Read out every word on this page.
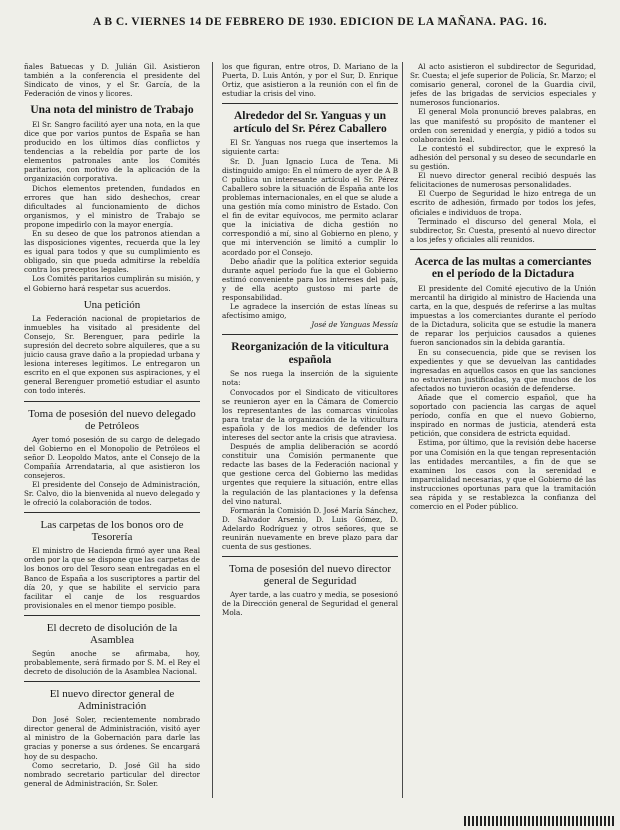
A B C. VIERNES 14 DE FEBRERO DE 1930. EDICION DE LA MAÑANA. PAG. 16.

ñales Batuecas y D. Julián Gil. Asistieron también a la conferencia el presidente del Sindicato de vinos, y el Sr. García, de la Federación de vinos y licores.

Una nota del ministro de Trabajo

El Sr. Sangro facilitó ayer una nota, en la que dice que por varios puntos de España se han producido en los últimos días conflictos y tendencias a la rebeldía por parte de los elementos patronales ante los Comités paritarios, con motivo de la aplicación de la organización corporativa.

Dichos elementos pretenden, fundados en errores que han sido deshechos, crear dificultades al funcionamiento de dichos organismos, y el ministro de Trabajo se propone impedirlo con la mayor energía.

En su deseo de que los patronos atiendan a las disposiciones vigentes, recuerda que la ley es igual para todos y que su cumplimiento es obligado, sin que pueda admitirse la rebeldía contra los preceptos legales.

Los Comités paritarios cumplirán su misión, y el Gobierno hará respetar sus acuerdos.

Una petición

La Federación nacional de propietarios de inmuebles ha visitado al presidente del Consejo, Sr. Berenguer, para pedirle la supresión del decreto sobre alquileres, que a su juicio causa grave daño a la propiedad urbana y lesiona intereses legítimos. Le entregaron un escrito en el que exponen sus aspiraciones, y el general Berenguer prometió estudiar el asunto con todo interés.

Toma de posesión del nuevo delegado de Petróleos

Ayer tomó posesión de su cargo de delegado del Gobierno en el Monopolio de Petróleos el señor D. Leopoldo Matos, ante el Consejo de la Compañía Arrendataria, al que asistieron los consejeros.

El presidente del Consejo de Administración, Sr. Calvo, dio la bienvenida al nuevo delegado y le ofreció la colaboración de todos.

Las carpetas de los bonos oro de Tesorería

El ministro de Hacienda firmó ayer una Real orden por la que se dispone que las carpetas de los bonos oro del Tesoro sean entregadas en el Banco de España a los suscriptores a partir del día 20, y que se habilite el servicio para facilitar el canje de los resguardos provisionales en el menor tiempo posible.

El decreto de disolución de la Asamblea

Según anoche se afirmaba, hoy, probablemente, será firmado por S. M. el Rey el decreto de disolución de la Asamblea Nacional.

El nuevo director general de Administración

Don José Soler, recientemente nombrado director general de Administración, visitó ayer al ministro de la Gobernación para darle las gracias y ponerse a sus órdenes. Se encargará hoy de su despacho.

Como secretario, D. José Gil ha sido nombrado secretario particular del director general de Administración, Sr. Soler.

los que figuran, entre otros, D. Mariano de la Puerta, D. Luis Antón, y por el Sur, D. Enrique Ortiz, que asistieron a la reunión con el fin de estudiar la crisis del vino.

Alrededor del Sr. Yanguas y un artículo del Sr. Pérez Caballero

El Sr. Yanguas nos ruega que insertemos la siguiente carta:

Sr. D. Juan Ignacio Luca de Tena. Mi distinguido amigo: En el número de ayer de A B C publica un interesante artículo el Sr. Pérez Caballero sobre la situación de España ante los problemas internacionales, en el que se alude a una gestión mía como ministro de Estado. Con el fin de evitar equívocos, me permito aclarar que la iniciativa de dicha gestión no correspondió a mí, sino al Gobierno en pleno, y que mi intervención se limitó a cumplir lo acordado por el Consejo.

Debo añadir que la política exterior seguida durante aquel período fue la que el Gobierno estimó conveniente para los intereses del país, y de ella acepto gustoso mi parte de responsabilidad.

Le agradece la inserción de estas líneas su afectísimo amigo,

José de Yanguas Messía

Reorganización de la viticultura española

Se nos ruega la inserción de la siguiente nota:

Convocados por el Sindicato de viticultores se reunieron ayer en la Cámara de Comercio los representantes de las comarcas vinícolas para tratar de la organización de la viticultura española y de los medios de defender los intereses del sector ante la crisis que atraviesa.

Después de amplia deliberación se acordó constituir una Comisión permanente que redacte las bases de la Federación nacional y que gestione cerca del Gobierno las medidas urgentes que requiere la situación, entre ellas la regulación de las plantaciones y la defensa del vino natural.

Formarán la Comisión D. José María Sánchez, D. Salvador Arsenio, D. Luis Gómez, D. Adelardo Rodríguez y otros señores, que se reunirán nuevamente en breve plazo para dar cuenta de sus gestiones.

Toma de posesión del nuevo director general de Seguridad

Ayer tarde, a las cuatro y media, se posesionó de la Dirección general de Seguridad el general Mola.

Al acto asistieron el subdirector de Seguridad, Sr. Cuesta; el jefe superior de Policía, Sr. Marzo; el comisario general, coronel de la Guardia civil, jefes de las brigadas de servicios especiales y numerosos funcionarios.

El general Mola pronunció breves palabras, en las que manifestó su propósito de mantener el orden con serenidad y energía, y pidió a todos su colaboración leal.

Le contestó el subdirector, que le expresó la adhesión del personal y su deseo de secundarle en su gestión.

El nuevo director general recibió después las felicitaciones de numerosas personalidades.

El Cuerpo de Seguridad le hizo entrega de un escrito de adhesión, firmado por todos los jefes, oficiales e individuos de tropa.

Terminado el discurso del general Mola, el subdirector, Sr. Cuesta, presentó al nuevo director a los jefes y oficiales allí reunidos.

Acerca de las multas a comerciantes en el período de la Dictadura

El presidente del Comité ejecutivo de la Unión mercantil ha dirigido al ministro de Hacienda una carta, en la que, después de referirse a las multas impuestas a los comerciantes durante el período de la Dictadura, solicita que se estudie la manera de reparar los perjuicios causados a quienes fueron sancionados sin la debida garantía.

En su consecuencia, pide que se revisen los expedientes y que se devuelvan las cantidades ingresadas en aquellos casos en que las sanciones no estuvieran justificadas, ya que muchos de los afectados no tuvieron ocasión de defenderse.

Añade que el comercio español, que ha soportado con paciencia las cargas de aquel período, confía en que el nuevo Gobierno, inspirado en normas de justicia, atenderá esta petición, que considera de estricta equidad.

Estima, por último, que la revisión debe hacerse por una Comisión en la que tengan representación las entidades mercantiles, a fin de que se examinen los casos con la serenidad e imparcialidad necesarias, y que el Gobierno dé las instrucciones oportunas para que la tramitación sea rápida y se restablezca la confianza del comercio en el Poder público.
